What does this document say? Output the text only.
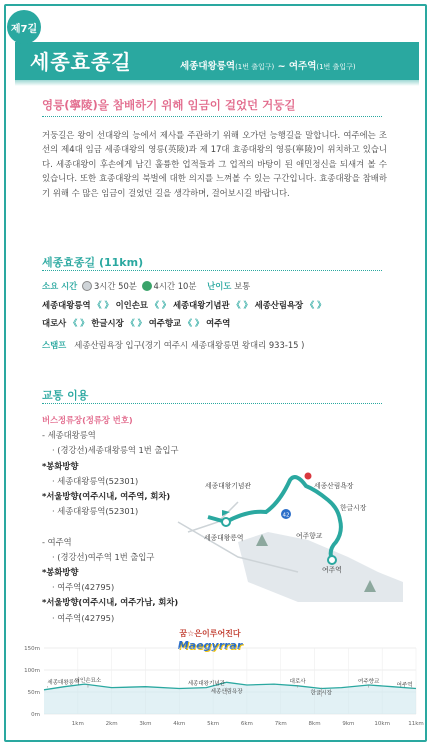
제7길
세종효종길	세종대왕릉역(1번 출입구) ~ 여주역(1번 출입구)
영릉(寧陵)을 참배하기 위해 임금이 걸었던 거둥길
거둥길은 왕이 선대왕의 능에서 제사를 주관하기 위해 오가던 능행길을 말합니다. 여주에는 조선의 제4대 임금 세종대왕의 영릉(英陵)과 제 17대 효종대왕의 영릉(寧陵)이 위치하고 있습니다. 세종대왕이 후손에게 남긴 훌륭한 업적들과 그 업적의 바탕이 된 애민정신을 되새겨 볼 수 있습니다. 또한 효종대왕의 북벌에 대한 의지를 느껴볼 수 있는 구간입니다. 효종대왕을 참배하기 위해 수 많은 임금이 걸었던 길을 생각하며, 걸어보시길 바랍니다.
세종효종길 (11km)
소요 시간 3시간 50분 4시간 10분 난이도 보통
세종대왕릉역 《 》 이인손묘 《 》 세종대왕기념관 《 》 세종산림욕장 《 》
대로사 《 》 한글시장 《 》 여주향교 《 》 여주역
스탬프 세종산림욕장 입구(경기 여주시 세종대왕릉면 왕대리 933-15 )
교통 이용
버스정류장(정류장 번호)
- 세종대왕릉역
· (경강선)세종대왕릉역 1번 출입구
*봉화방향
· 세종대왕릉역(52301)
*서울방향(여주시내, 여주역, 회차)
· 세종대왕릉역(52301)

- 여주역
· (경강선)여주역 1번 출입구
*봉화방향
· 여주역(42795)
*서울방향(여주시내, 여주가남, 회차)
· 여주역(42795)
42
세종대왕기념관	세종산림욕장
한글시장
세종대왕릉역	여주향교
여주역
꿈☆은이루어진다
Maegyrrar
150m
100m
50m
0m
1km	2km	3km	4km	5km	6km	7km	8km	9km	10km	11km
세종대왕릉역
이인손묘소
세종대왕기념관
세종산림욕장
대로사
한글시장
여주향교
여주역
